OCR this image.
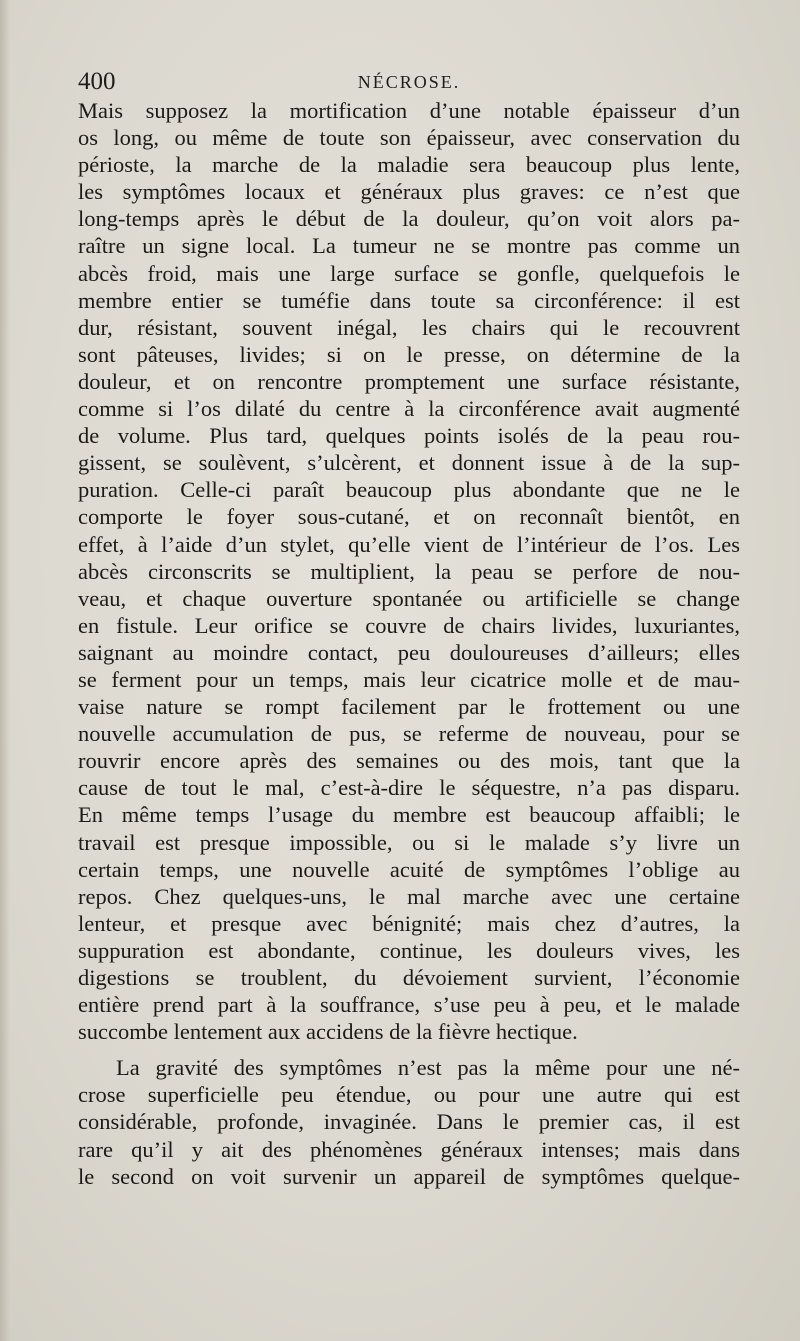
400	NÉCROSE.
Mais supposez la mortification d’une notable épaisseur d’un
os long, ou même de toute son épaisseur, avec conservation du
périoste, la marche de la maladie sera beaucoup plus lente,
les symptômes locaux et généraux plus graves: ce n’est que
long-temps après le début de la douleur, qu’on voit alors pa-
raître un signe local. La tumeur ne se montre pas comme un
abcès froid, mais une large surface se gonfle, quelquefois le
membre entier se tuméfie dans toute sa circonférence: il est
dur, résistant, souvent inégal, les chairs qui le recouvrent
sont pâteuses, livides; si on le presse, on détermine de la
douleur, et on rencontre promptement une surface résistante,
comme si l’os dilaté du centre à la circonférence avait augmenté
de volume. Plus tard, quelques points isolés de la peau rou-
gissent, se soulèvent, s’ulcèrent, et donnent issue à de la sup-
puration. Celle-ci paraît beaucoup plus abondante que ne le
comporte le foyer sous-cutané, et on reconnaît bientôt, en
effet, à l’aide d’un stylet, qu’elle vient de l’intérieur de l’os. Les
abcès circonscrits se multiplient, la peau se perfore de nou-
veau, et chaque ouverture spontanée ou artificielle se change
en fistule. Leur orifice se couvre de chairs livides, luxuriantes,
saignant au moindre contact, peu douloureuses d’ailleurs; elles
se ferment pour un temps, mais leur cicatrice molle et de mau-
vaise nature se rompt facilement par le frottement ou une
nouvelle accumulation de pus, se referme de nouveau, pour se
rouvrir encore après des semaines ou des mois, tant que la
cause de tout le mal, c’est-à-dire le séquestre, n’a pas disparu.
En même temps l’usage du membre est beaucoup affaibli; le
travail est presque impossible, ou si le malade s’y livre un
certain temps, une nouvelle acuité de symptômes l’oblige au
repos. Chez quelques-uns, le mal marche avec une certaine
lenteur, et presque avec bénignité; mais chez d’autres, la
suppuration est abondante, continue, les douleurs vives, les
digestions se troublent, du dévoiement survient, l’économie
entière prend part à la souffrance, s’use peu à peu, et le malade
succombe lentement aux accidens de la fièvre hectique.
La gravité des symptômes n’est pas la même pour une né-
crose superficielle peu étendue, ou pour une autre qui est
considérable, profonde, invaginée. Dans le premier cas, il est
rare qu’il y ait des phénomènes généraux intenses; mais dans
le second on voit survenir un appareil de symptômes quelque-
